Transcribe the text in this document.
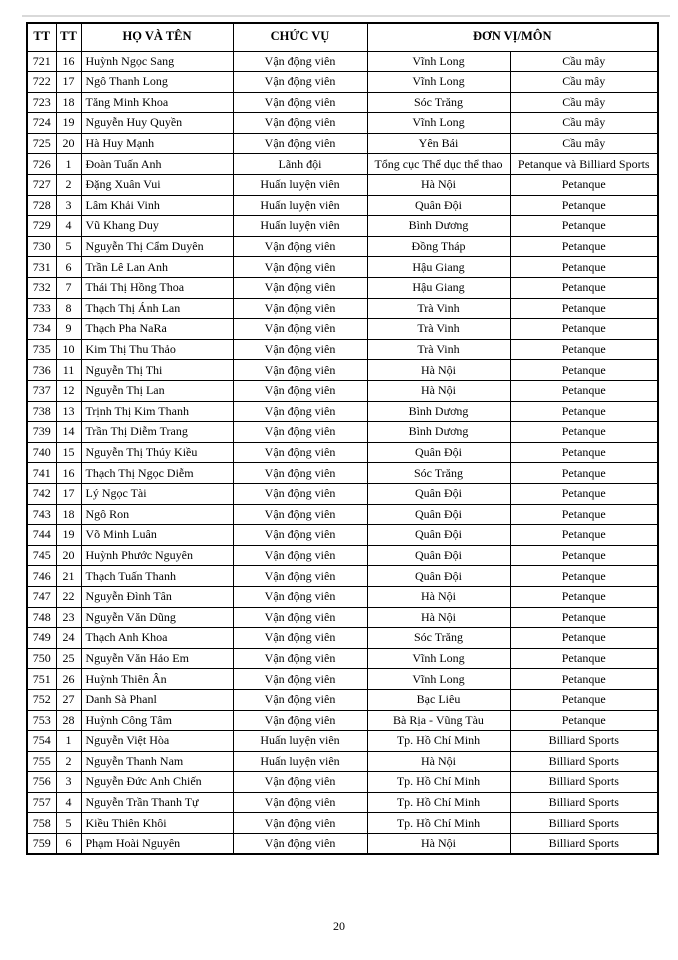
TT	TT	HỌ VÀ TÊN	CHỨC VỤ	ĐƠN VỊ/MÔN	
721	16	Huỳnh Ngọc Sang	Vận động viên	Vĩnh Long	Cầu mây
722	17	Ngô Thanh Long	Vận động viên	Vĩnh Long	Cầu mây
723	18	Tăng Minh Khoa	Vận động viên	Sóc Trăng	Cầu mây
724	19	Nguyễn Huy Quyền	Vận động viên	Vĩnh Long	Cầu mây
725	20	Hà Huy Mạnh	Vận động viên	Yên Bái	Cầu mây
726	1	Đoàn Tuấn Anh	Lãnh đội	Tổng cục Thể dục thể thao	Petanque và Billiard Sports
727	2	Đặng Xuân Vui	Huấn luyện viên	Hà Nội	Petanque
728	3	Lâm Khải Vinh	Huấn luyện viên	Quân Đội	Petanque
729	4	Vũ Khang Duy	Huấn luyện viên	Bình Dương	Petanque
730	5	Nguyễn Thị Cẩm Duyên	Vận động viên	Đồng Tháp	Petanque
731	6	Trần Lê Lan Anh	Vận động viên	Hậu Giang	Petanque
732	7	Thái Thị Hồng Thoa	Vận động viên	Hậu Giang	Petanque
733	8	Thạch Thị Ánh Lan	Vận động viên	Trà Vinh	Petanque
734	9	Thạch Pha NaRa	Vận động viên	Trà Vinh	Petanque
735	10	Kim Thị Thu Thảo	Vận động viên	Trà Vinh	Petanque
736	11	Nguyễn Thị Thi	Vận động viên	Hà Nội	Petanque
737	12	Nguyễn Thị Lan	Vận động viên	Hà Nội	Petanque
738	13	Trịnh Thị Kim Thanh	Vận động viên	Bình Dương	Petanque
739	14	Trần Thị Diễm Trang	Vận động viên	Bình Dương	Petanque
740	15	Nguyễn Thị Thúy Kiều	Vận động viên	Quân Đội	Petanque
741	16	Thạch Thị Ngọc Diễm	Vận động viên	Sóc Trăng	Petanque
742	17	Lý Ngọc Tài	Vận động viên	Quân Đội	Petanque
743	18	Ngô Ron	Vận động viên	Quân Đội	Petanque
744	19	Võ Minh Luân	Vận động viên	Quân Đội	Petanque
745	20	Huỳnh Phước Nguyên	Vận động viên	Quân Đội	Petanque
746	21	Thạch Tuấn Thanh	Vận động viên	Quân Đội	Petanque
747	22	Nguyễn Đình Tân	Vận động viên	Hà Nội	Petanque
748	23	Nguyễn Văn Dũng	Vận động viên	Hà Nội	Petanque
749	24	Thạch Anh Khoa	Vận động viên	Sóc Trăng	Petanque
750	25	Nguyễn Văn Hảo Em	Vận động viên	Vĩnh Long	Petanque
751	26	Huỳnh Thiên Ân	Vận động viên	Vĩnh Long	Petanque
752	27	Danh Sà Phanl	Vận động viên	Bạc Liêu	Petanque
753	28	Huỳnh Công Tâm	Vận động viên	Bà Rịa - Vũng Tàu	Petanque
754	1	Nguyễn Việt Hòa	Huấn luyện viên	Tp. Hồ Chí Minh	Billiard Sports
755	2	Nguyễn Thanh Nam	Huấn luyện viên	Hà Nội	Billiard Sports
756	3	Nguyễn Đức Anh Chiến	Vận động viên	Tp. Hồ Chí Minh	Billiard Sports
757	4	Nguyễn Trần Thanh Tự	Vận động viên	Tp. Hồ Chí Minh	Billiard Sports
758	5	Kiều Thiên Khôi	Vận động viên	Tp. Hồ Chí Minh	Billiard Sports
759	6	Phạm Hoài Nguyên	Vận động viên	Hà Nội	Billiard Sports
20
